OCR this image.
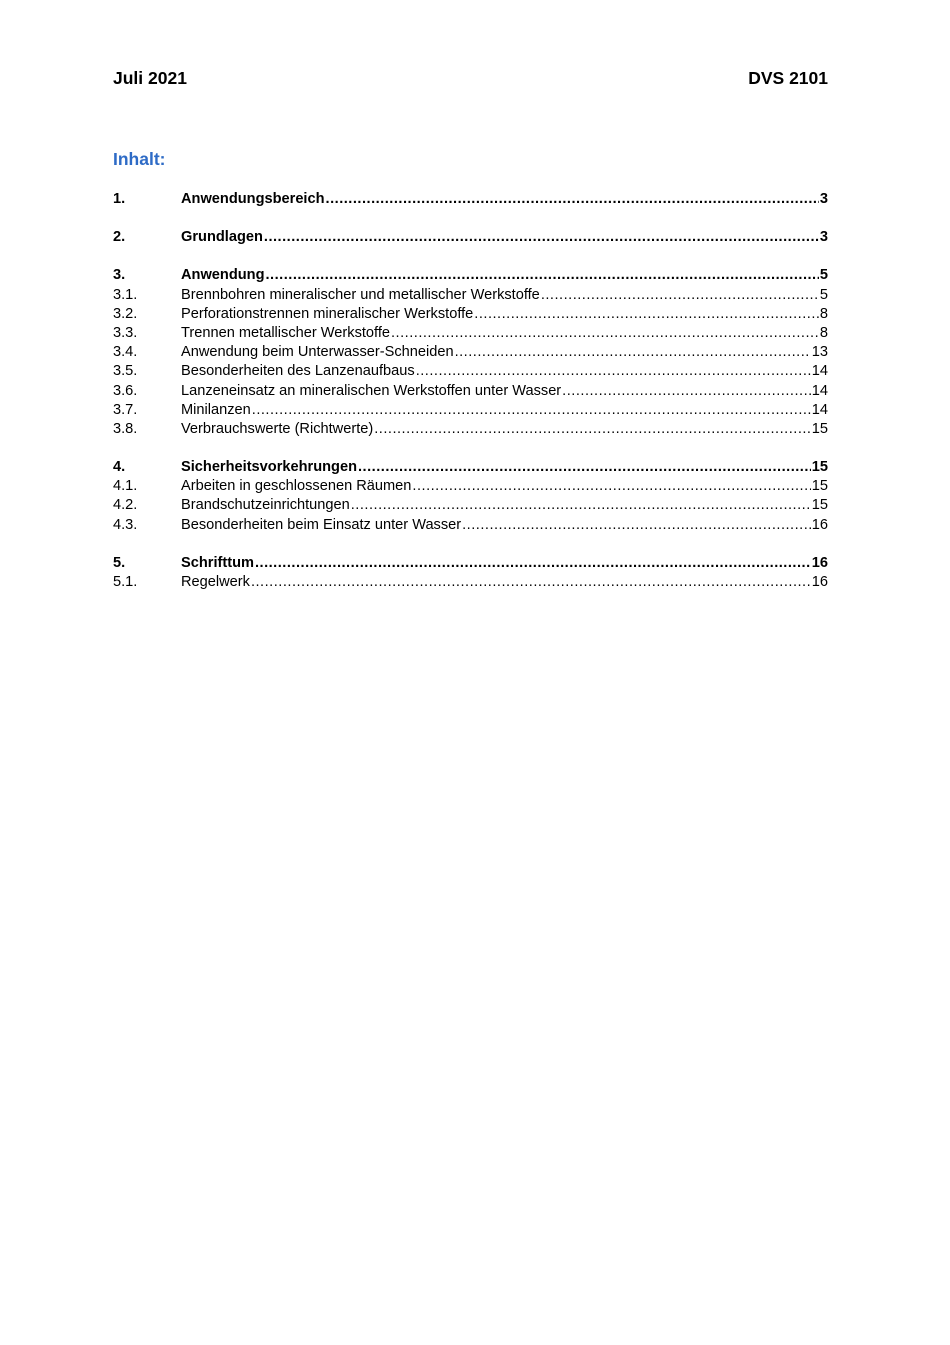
Juli 2021	DVS 2101
Inhalt:
1.	Anwendungsbereich .....	3
2.	Grundlagen .....	3
3.	Anwendung .....	5
3.1.	Brennbohren mineralischer und metallischer Werkstoffe .....	5
3.2.	Perforationstrennen mineralischer Werkstoffe .....	8
3.3.	Trennen metallischer Werkstoffe .....	8
3.4.	Anwendung beim Unterwasser-Schneiden .....	13
3.5.	Besonderheiten des Lanzenaufbaus .....	14
3.6.	Lanzeneinsatz an mineralischen Werkstoffen unter Wasser .....	14
3.7.	Minilanzen .....	14
3.8.	Verbrauchswerte (Richtwerte) .....	15
4.	Sicherheitsvorkehrungen .....	15
4.1.	Arbeiten in geschlossenen Räumen .....	15
4.2.	Brandschutzeinrichtungen .....	15
4.3.	Besonderheiten beim Einsatz unter Wasser .....	16
5.	Schrifttum .....	16
5.1.	Regelwerk .....	16
